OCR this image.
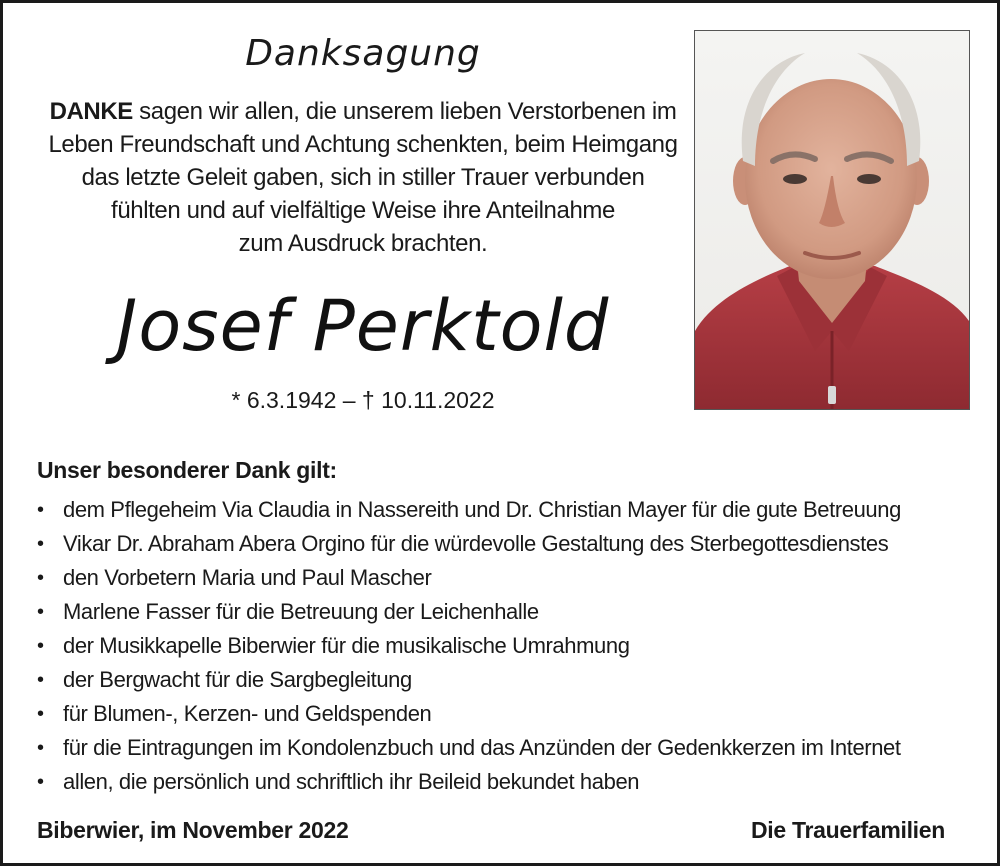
Danksagung
DANKE sagen wir allen, die unserem lieben Verstorbenen im
Leben Freundschaft und Achtung schenkten, beim Heimgang
das letzte Geleit gaben, sich in stiller Trauer verbunden
fühlten und auf vielfältige Weise ihre Anteilnahme
zum Ausdruck brachten.
Josef Perktold
* 6.3.1942 – † 10.11.2022
Unser besonderer Dank gilt:
• dem Pflegeheim Via Claudia in Nassereith und Dr. Christian Mayer für die gute Betreuung
• Vikar Dr. Abraham Abera Orgino für die würdevolle Gestaltung des Sterbegottesdienstes
• den Vorbetern Maria und Paul Mascher
• Marlene Fasser für die Betreuung der Leichenhalle
• der Musikkapelle Biberwier für die musikalische Umrahmung
• der Bergwacht für die Sargbegleitung
• für Blumen-, Kerzen- und Geldspenden
• für die Eintragungen im Kondolenzbuch und das Anzünden der Gedenkkerzen im Internet
• allen, die persönlich und schriftlich ihr Beileid bekundet haben
Biberwier, im November 2022	Die Trauerfamilien
